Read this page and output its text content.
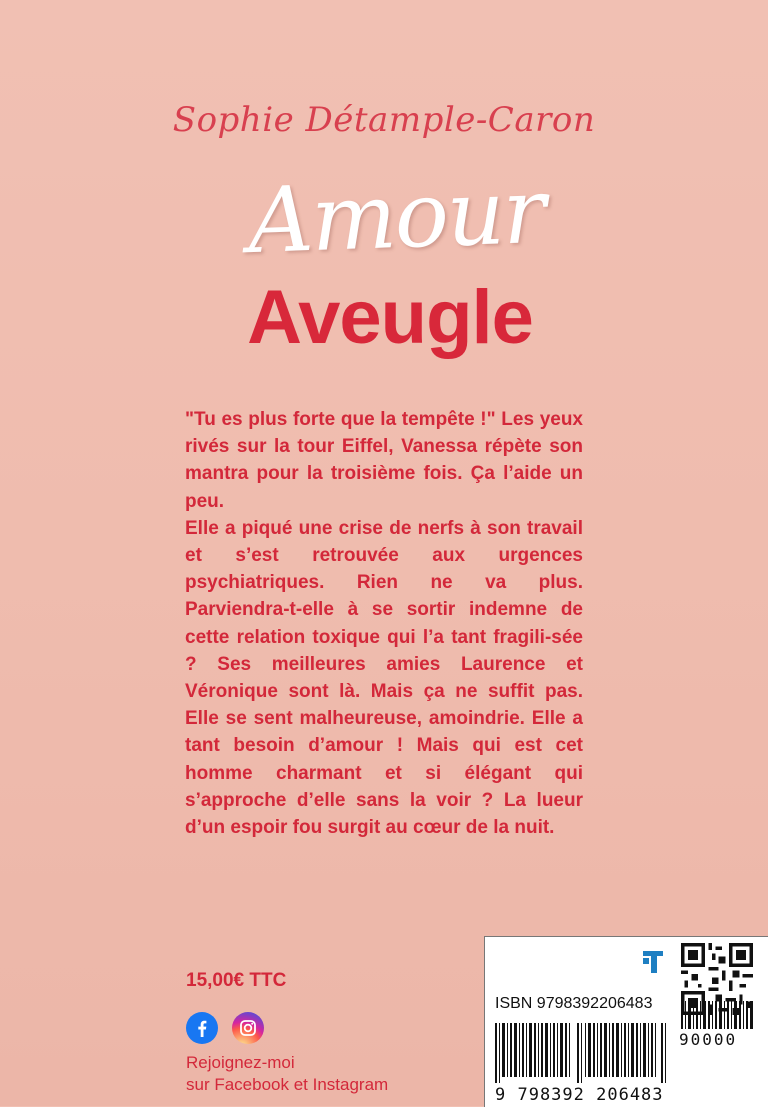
Sophie Détample-Caron
Amour
Aveugle

"Tu es plus forte que la tempête !" Les yeux rivés sur la tour Eiffel, Vanessa répète son mantra pour la troisième fois. Ça l’aide un peu.

Elle a piqué une crise de nerfs à son travail et s’est retrouvée aux urgences psychiatriques. Rien ne va plus. Parviendra-t-elle à se sortir indemne de cette relation toxique qui l’a tant fragili-sée ? Ses meilleures amies Laurence et Véronique sont là. Mais ça ne suffit pas. Elle se sent malheureuse, amoindrie. Elle a tant besoin d’amour ! Mais qui est cet homme charmant et si élégant qui s’approche d’elle sans la voir ? La lueur d’un espoir fou surgit au cœur de la nuit.

15,00€ TTC
Rejoignez-moi
sur Facebook et Instagram
ISBN 9798392206483
9 798392 206483
90000
